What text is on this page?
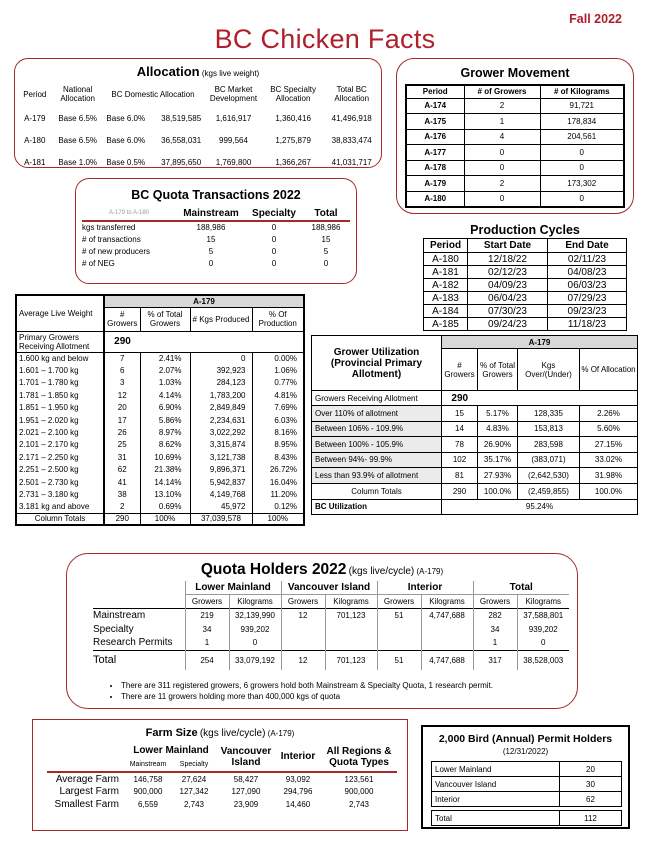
Fall 2022
BC Chicken Facts
Allocation (kgs live weight)
Period	National Allocation	BC Domestic Allocation		BC Market Development	BC Specialty Allocation	Total BC Allocation
A-179	Base 6.5%	Base 6.0%	38,519,585	1,616,917	1,360,416	41,496,918
A-180	Base 6.5%	Base 6.0%	36,558,031	999,564	1,275,879	38,833,474
A-181	Base 1.0%	Base 0.5%	37,895,650	1,769,800	1,366,267	41,031,717
Grower Movement
Period	# of Growers	# of Kilograms
A-174	2	91,721
A-175	1	178,834
A-176	4	204,561
A-177	0	0
A-178	0	0
A-179	2	173,302
A-180	0	0
BC Quota Transactions 2022
A-179 to A-180	Mainstream	Specialty	Total
kgs transferred	188,986	0	188,986
# of transactions	15	0	15
# of new producers	5	0	5
# of NEG	0	0	0
Production Cycles
Period	Start Date	End Date
A-180	12/18/22	02/11/23
A-181	02/12/23	04/08/23
A-182	04/09/23	06/03/23
A-183	06/04/23	07/29/23
A-184	07/30/23	09/23/23
A-185	09/24/23	11/18/23
Average Live Weight	A-179			
	# Growers	% of Total Growers	# Kgs Produced	% Of Production
Primary Growers Receiving Allotment	290			
1.600 kg and below	7	2.41%	0	0.00%
1.601 – 1.700 kg	6	2.07%	392,923	1.06%
1.701 – 1.780 kg	3	1.03%	284,123	0.77%
1.781 – 1.850 kg	12	4.14%	1,783,200	4.81%
1.851 – 1.950 kg	20	6.90%	2,849,849	7.69%
1.951 – 2.020 kg	17	5.86%	2,234,631	6.03%
2.021 – 2.100 kg	26	8.97%	3,022,292	8.16%
2.101 – 2.170 kg	25	8.62%	3,315,874	8.95%
2.171 – 2.250 kg	31	10.69%	3,121,738	8.43%
2.251 – 2.500 kg	62	21.38%	9,896,371	26.72%
2.501 – 2.730 kg	41	14.14%	5,942,837	16.04%
2.731 – 3.180 kg	38	13.10%	4,149,768	11.20%
3.181 kg and above	2	0.69%	45,972	0.12%
Column Totals	290	100%	37,039,578	100%
Grower Utilization (Provincial Primary Allotment)	A-179			
	# Growers	% of Total Growers	Kgs Over/(Under)	% Of Allocation
Growers Receiving Allotment	290			
Over 110% of allotment	15	5.17%	128,335	2.26%
Between 106% - 109.9%	14	4.83%	153,813	5.60%
Between 100% - 105.9%	78	26.90%	283,598	27.15%
Between 94%- 99.9%	102	35.17%	(383,071)	33.02%
Less than 93.9% of allotment	81	27.93%	(2,642,530)	31.98%
Column Totals	290	100.0%	(2,459,855)	100.0%
BC Utilization	95.24%			
Quota Holders 2022 (kgs live/cycle) (A-179)
	Lower Mainland		Vancouver Island		Interior		Total	
	Growers	Kilograms	Growers	Kilograms	Growers	Kilograms	Growers	Kilograms
Mainstream	219	32,139,990	12	701,123	51	4,747,688	282	37,588,801
Specialty	34	939,202					34	939,202
Research Permits	1	0					1	0
Total	254	33,079,192	12	701,123	51	4,747,688	317	38,528,003
• There are 311 registered growers, 6 growers hold both Mainstream & Specialty Quota, 1 research permit.
• There are 11 growers holding more than 400,000 kgs of quota
Farm Size (kgs live/cycle) (A-179)
	Lower Mainland		Vancouver Island	Interior	All Regions & Quota Types
	Mainstream	Specialty			
Average Farm	146,758	27,624	58,427	93,092	123,561
Largest Farm	900,000	127,342	127,090	294,796	900,000
Smallest Farm	6,559	2,743	23,909	14,460	2,743
2,000 Bird (Annual) Permit Holders (12/31/2022)
Lower Mainland	20
Vancouver Island	30
Interior	62

Total	112
